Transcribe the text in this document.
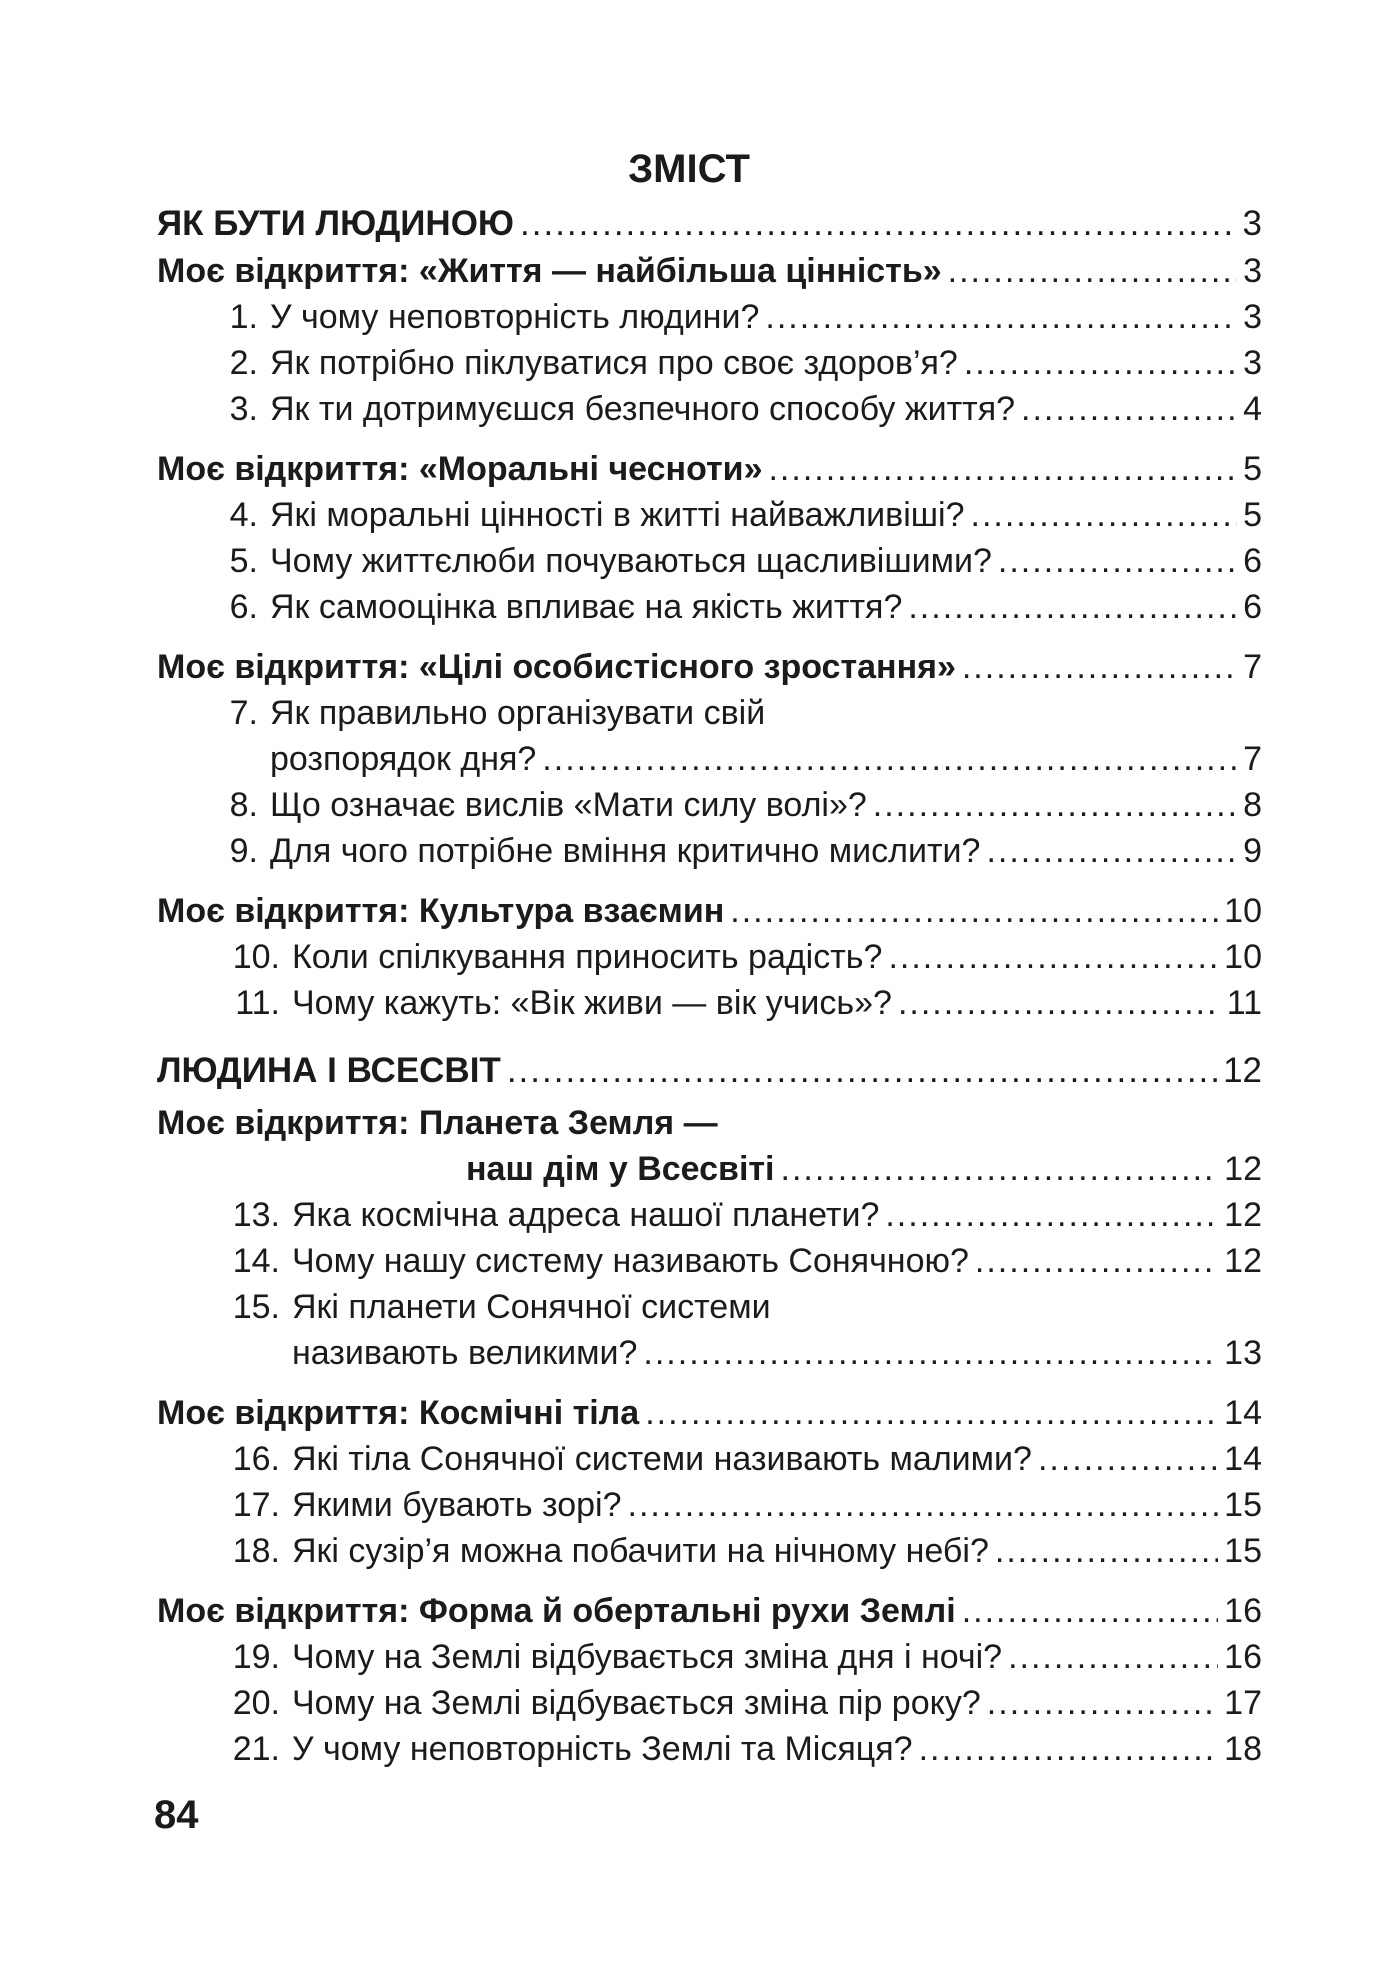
ЗМІСТ
ЯК БУТИ ЛЮДИНОЮ .....	3
Моє відкриття: «Життя — найбільша цінність» .....	3
1. У чому неповторність людини? .....	3
2. Як потрібно піклуватися про своє здоров’я? .....	3
3. Як ти дотримуєшся безпечного способу життя? .....	4
Моє відкриття: «Моральні чесноти» .....	5
4. Які моральні цінності в житті найважливіші? .....	5
5. Чому життєлюби почуваються щасливішими? .....	6
6. Як самооцінка впливає на якість життя? .....	6
Моє відкриття: «Цілі особистісного зростання» .....	7
7. Як правильно організувати свій
розпорядок дня? .....	7
8. Що означає вислів «Мати силу волі»? .....	8
9. Для чого потрібне вміння критично мислити? .....	9
Моє відкриття: Культура взаємин .....	10
10. Коли спілкування приносить радість? .....	10
11. Чому кажуть: «Вік живи — вік учись»? .....	11
ЛЮДИНА І ВСЕСВІТ .....	12
Моє відкриття: Планета Земля —
наш дім у Всесвіті .....	12
13. Яка космічна адреса нашої планети? .....	12
14. Чому нашу систему називають Сонячною? .....	12
15. Які планети Сонячної системи
називають великими? .....	13
Моє відкриття: Космічні тіла .....	14
16. Які тіла Сонячної системи називають малими? .....	14
17. Якими бувають зорі? .....	15
18. Які сузір’я можна побачити на нічному небі? .....	15
Моє відкриття: Форма й обертальні рухи Землі .....	16
19. Чому на Землі відбувається зміна дня і ночі? .....	16
20. Чому на Землі відбувається зміна пір року? .....	17
21. У чому неповторність Землі та Місяця? .....	18
84
